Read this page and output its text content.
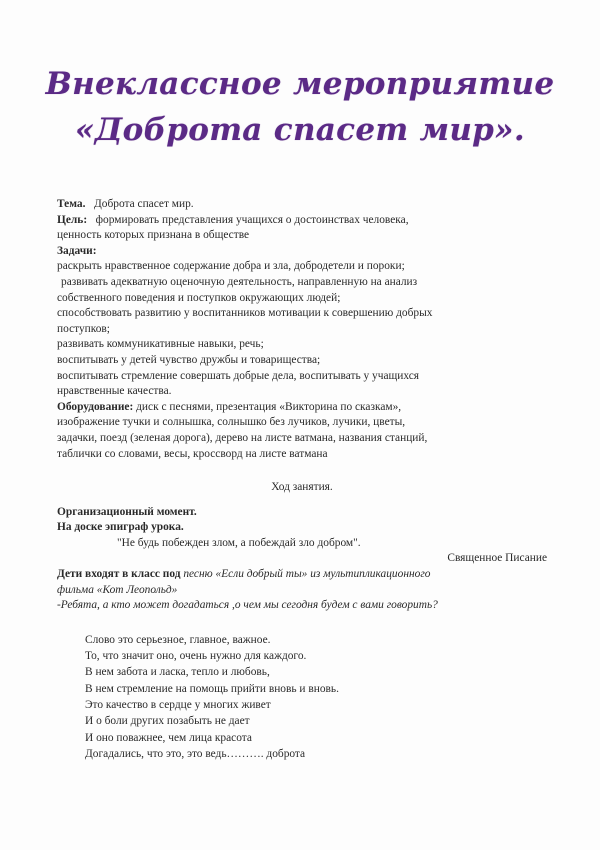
Внеклассное мероприятие
«Доброта спасет мир».
Тема. Доброта спасет мир.
Цель: формировать представления учащихся о достоинствах человека,
ценность которых признана в обществе
Задачи:
раскрыть нравственное содержание добра и зла, добродетели и пороки;
развивать адекватную оценочную деятельность, направленную на анализ
собственного поведения и поступков окружающих людей;
способствовать развитию у воспитанников мотивации к совершению добрых
поступков;
развивать коммуникативные навыки, речь;
воспитывать у детей чувство дружбы и товарищества;
воспитывать стремление совершать добрые дела, воспитывать у учащихся
нравственные качества.
Оборудование: диск с песнями, презентация «Викторина по сказкам»,
изображение тучки и солнышка, солнышко без лучиков, лучики, цветы,
задачки, поезд (зеленая дорога), дерево на листе ватмана, названия станций,
таблички со словами, весы, кроссворд на листе ватмана
Ход занятия.
Организационный момент.
На доске эпиграф урока.
"Не будь побежден злом, а побеждай зло добром".
Священное Писание
Дети входят в класс под песню «Если добрый ты» из мультипликационного
фильма «Кот Леопольд»
-Ребята, а кто может догадаться ,о чем мы сегодня будем с вами говорить?
Слово это серьезное, главное, важное.
То, что значит оно, очень нужно для каждого.
В нем забота и ласка, тепло и любовь,
В нем стремление на помощь прийти вновь и вновь.
Это качество в сердце у многих живет
И о боли других позабыть не дает
И оно поважнее, чем лица красота
Догадались, что это, это ведь………. доброта
